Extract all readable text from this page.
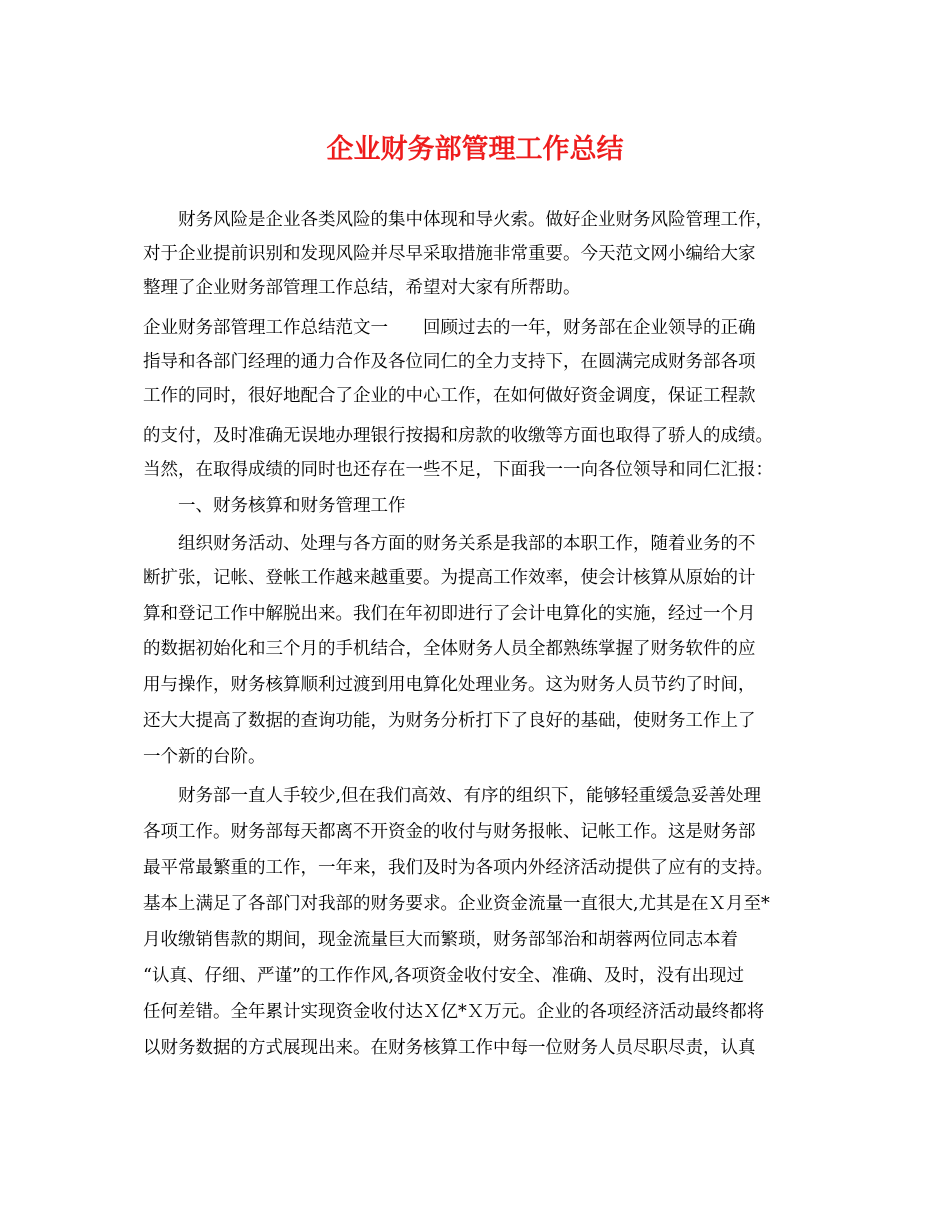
企业财务部管理工作总结
财务风险是企业各类风险的集中体现和导火索。做好企业财务风险管理工作，
对于企业提前识别和发现风险并尽早采取措施非常重要。今天范文网小编给大家
整理了企业财务部管理工作总结，希望对大家有所帮助。
企业财务部管理工作总结范文一　　回顾过去的一年，财务部在企业领导的正确
指导和各部门经理的通力合作及各位同仁的全力支持下，在圆满完成财务部各项
工作的同时，很好地配合了企业的中心工作，在如何做好资金调度，保证工程款
的支付，及时准确无误地办理银行按揭和房款的收缴等方面也取得了骄人的成绩。
当然，在取得成绩的同时也还存在一些不足，下面我一一向各位领导和同仁汇报：
一、财务核算和财务管理工作
组织财务活动、处理与各方面的财务关系是我部的本职工作，随着业务的不
断扩张，记帐、登帐工作越来越重要。为提高工作效率，使会计核算从原始的计
算和登记工作中解脱出来。我们在年初即进行了会计电算化的实施，经过一个月
的数据初始化和三个月的手机结合，全体财务人员全都熟练掌握了财务软件的应
用与操作，财务核算顺利过渡到用电算化处理业务。这为财务人员节约了时间，
还大大提高了数据的查询功能，为财务分析打下了良好的基础，使财务工作上了
一个新的台阶。
财务部一直人手较少,但在我们高效、有序的组织下，能够轻重缓急妥善处理
各项工作。财务部每天都离不开资金的收付与财务报帐、记帐工作。这是财务部
最平常最繁重的工作，一年来，我们及时为各项内外经济活动提供了应有的支持。
基本上满足了各部门对我部的财务要求。企业资金流量一直很大,尤其是在Ｘ月至*
月收缴销售款的期间，现金流量巨大而繁琐，财务部邹治和胡蓉两位同志本着
“认真、仔细、严谨”的工作作风,各项资金收付安全、准确、及时，没有出现过
任何差错。全年累计实现资金收付达Ｘ亿*Ｘ万元。企业的各项经济活动最终都将
以财务数据的方式展现出来。在财务核算工作中每一位财务人员尽职尽责，认真
